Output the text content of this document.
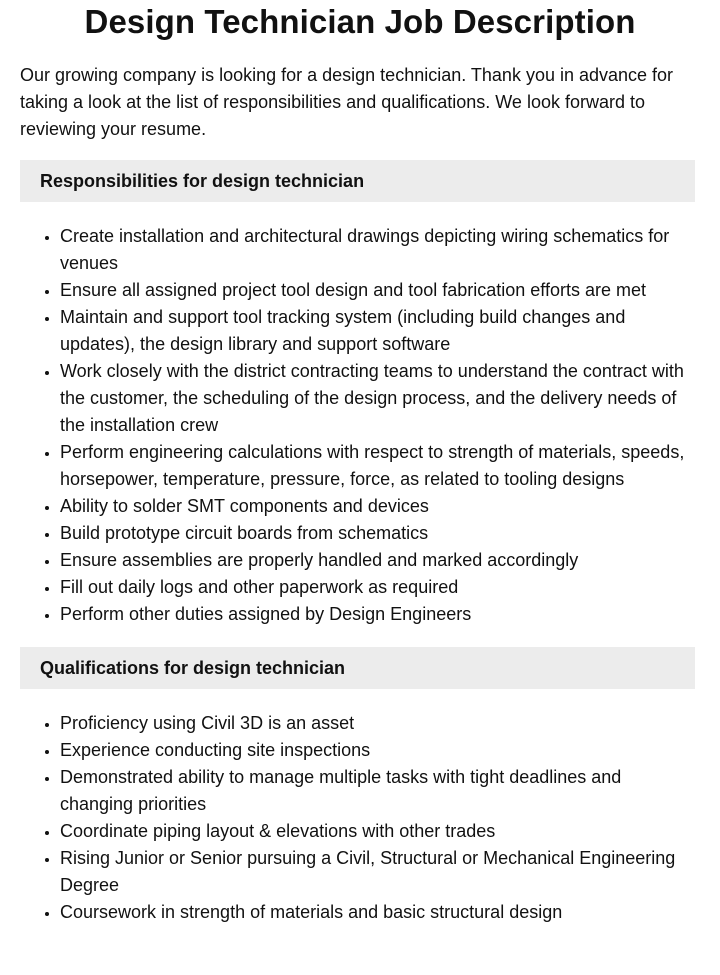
Design Technician Job Description

Our growing company is looking for a design technician. Thank you in advance for taking a look at the list of responsibilities and qualifications. We look forward to reviewing your resume.

Responsibilities for design technician
• Create installation and architectural drawings depicting wiring schematics for venues
• Ensure all assigned project tool design and tool fabrication efforts are met
• Maintain and support tool tracking system (including build changes and updates), the design library and support software
• Work closely with the district contracting teams to understand the contract with the customer, the scheduling of the design process, and the delivery needs of the installation crew
• Perform engineering calculations with respect to strength of materials, speeds, horsepower, temperature, pressure, force, as related to tooling designs
• Ability to solder SMT components and devices
• Build prototype circuit boards from schematics
• Ensure assemblies are properly handled and marked accordingly
• Fill out daily logs and other paperwork as required
• Perform other duties assigned by Design Engineers
Qualifications for design technician
• Proficiency using Civil 3D is an asset
• Experience conducting site inspections
• Demonstrated ability to manage multiple tasks with tight deadlines and changing priorities
• Coordinate piping layout & elevations with other trades
• Rising Junior or Senior pursuing a Civil, Structural or Mechanical Engineering Degree
• Coursework in strength of materials and basic structural design
